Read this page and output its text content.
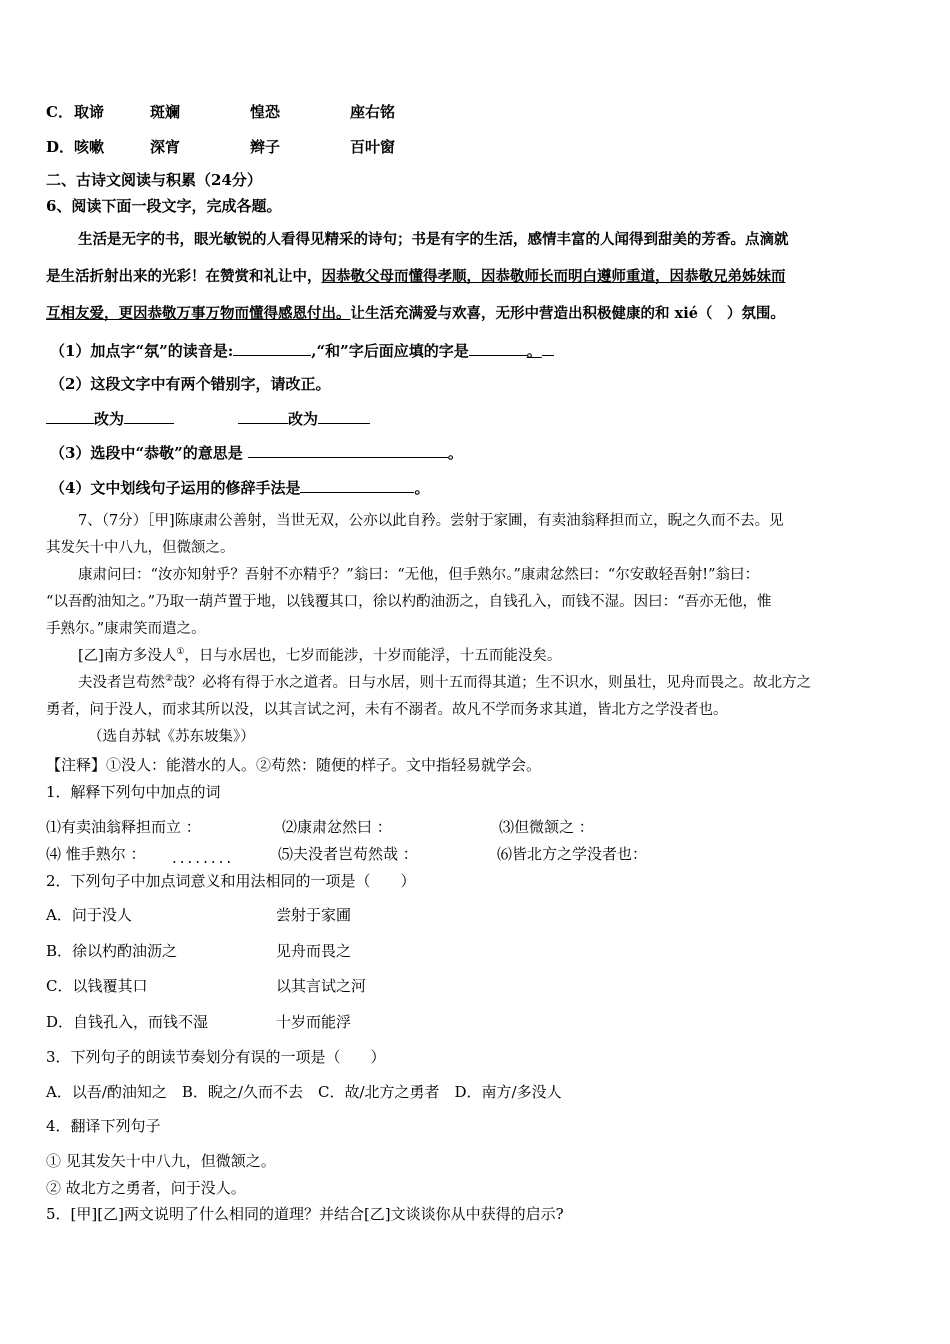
C． 取谛	斑斓	惶恐	座右铭
D． 咳嗽	深宵	辫子	百叶窗
二、古诗文阅读与积累（24分）
6、阅读下面一段文字，完成各题。
生活是无字的书，眼光敏锐的人看得见精采的诗句；书是有字的生活，感情丰富的人闻得到甜美的芳香。点滴就
是生活折射出来的光彩！在赞赏和礼让中，因恭敬父母而懂得孝顺，因恭敬师长而明白遵师重道，因恭敬兄弟姊妹而
互相友爱，更因恭敬万事万物而懂得感恩付出。让生活充满爱与欢喜，无形中营造出积极健康的和 xié（　）氛围。
（1）加点字“氛”的读音是:	,“和”字后面应填的字是	。
（2）这段文字中有两个错别字，请改正。
改为	改为
（3）选段中“恭敬”的意思是	。
（4）文中划线句子运用的修辞手法是	。
7、（7分）［甲]陈康肃公善射，当世无双，公亦以此自矜。尝射于家圃，有卖油翁释担而立，睨之久而不去。见
其发矢十中八九，但微颔之。
康肃问曰：“汝亦知射乎？吾射不亦精乎？”翁曰：“无他，但手熟尔。”康肃忿然曰：“尔安敢轻吾射!”翁曰：
“以吾酌油知之。”乃取一葫芦置于地，以钱覆其口，徐以杓酌油沥之，自钱孔入，而钱不湿。因曰：“吾亦无他，惟
手熟尔。”康肃笑而遣之。
[乙]南方多没人①，日与水居也，七岁而能涉，十岁而能浮，十五而能没矣。
夫没者岂苟然②哉？必将有得于水之道者。日与水居，则十五而得其道；生不识水，则虽壮，见舟而畏之。故北方之
勇者，问于没人，而求其所以没，以其言试之河，未有不溺者。故凡不学而务求其道，皆北方之学没者也。
（选自苏轼《苏东坡集》）
【注释】①没人：能潜水的人。②苟然：随便的样子。文中指轻易就学会。
1．解释下列句中加点的词
⑴有卖油翁释担而立 ：	⑵康肃忿然曰 ：	⑶但微颔之 ：
⑷ 惟手熟尔 ： ........	⑸夫没者岂苟然哉 ：	⑹皆北方之学没者也：
2．下列句子中加点词意义和用法相同的一项是（　　）
A．问于没人	尝射于家圃
B．徐以杓酌油沥之	见舟而畏之
C．以钱覆其口	以其言试之河
D．自钱孔入，而钱不湿	十岁而能浮
3．下列句子的朗读节奏划分有误的一项是（　　）
A．以吾/酌油知之　B．睨之/久而不去　C．故/北方之勇者　D．南方/多没人
4．翻译下列句子
① 见其发矢十中八九，但微颔之。
② 故北方之勇者，问于没人。
5．[甲][乙]两文说明了什么相同的道理？并结合[乙]文谈谈你从中获得的启示?
